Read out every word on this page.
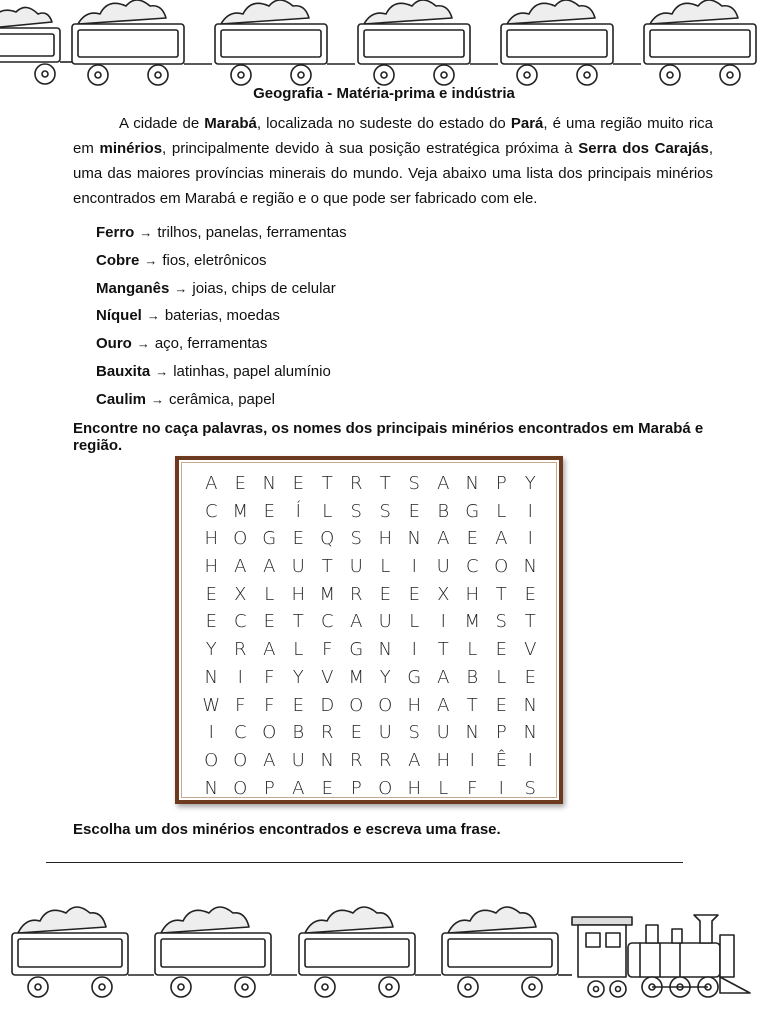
Geografia - Matéria-prima e indústria

A cidade de Marabá, localizada no sudeste do estado do Pará, é uma região muito rica em minérios, principalmente devido à sua posição estratégica próxima à Serra dos Carajás, uma das maiores províncias minerais do mundo. Veja abaixo uma lista dos principais minérios encontrados em Marabá e região e o que pode ser fabricado com ele.

Ferro → trilhos, panelas, ferramentas
Cobre → fios, eletrônicos
Manganês → joias, chips de celular
Níquel → baterias, moedas
Ouro → aço, ferramentas
Bauxita → latinhas, papel alumínio
Caulim → cerâmica, papel

Encontre no caça palavras, os nomes dos principais minérios encontrados em Marabá e região.

A E N E T R T S A N P Y
C M E	Í	L S S E B G L	I
H O G E Q S H N A E A	I
H A A U T U L	I	U C O N
E X L H M R E E X H T E
E C E T C A U L	I	M S T
Y R A L	F G N	I	T L E V
N	I	F Y V M Y G A B L E
W F	F E D O O H A T E N
I	C O B R E U S U N P N
O O A U N R R A H	I	Ê	I
N O P A E P O H L	F	I	S

Escolha um dos minérios encontrados e escreva uma frase.
